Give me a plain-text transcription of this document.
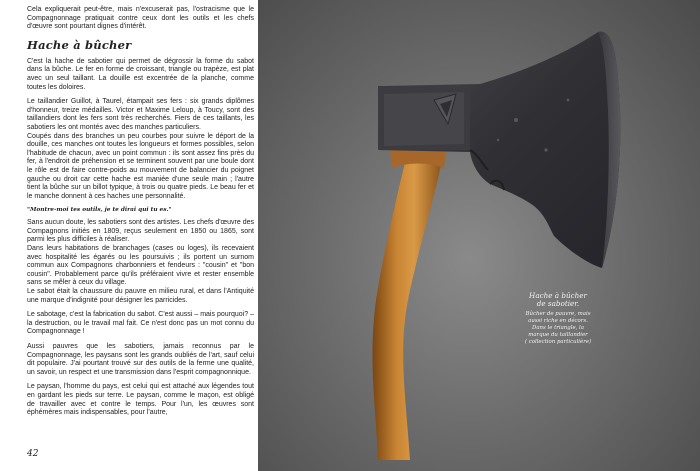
Cela expliquerait peut-être, mais n'excuserait pas, l'ostracisme que le Compagnonnage pratiquait contre ceux dont les outils et les chefs d'œuvre sont pourtant dignes d'intérêt.

Hache à bûcher

C'est la hache de sabotier qui permet de dégrossir la forme du sabot dans la bûche. Le fer en forme de croissant, triangle ou trapèze, est plat avec un seul taillant. La douille est excentrée de la planche, comme toutes les doloires.

Le taillandier Guillot, à Taurel, étampait ses fers : six grands diplômes d'honneur, treize médailles. Victor et Maxime Leloup, à Toucy, sont des taillandiers dont les fers sont très recherchés. Fiers de ces taillants, les sabotiers les ont montés avec des manches particuliers.

Coupés dans des branches un peu courbes pour suivre le déport de la douille, ces manches ont toutes les longueurs et formes possibles, selon l'habitude de chacun, avec un point commun : ils sont assez fins près du fer, à l'endroit de préhension et se terminent souvent par une boule dont le rôle est de faire contre-poids au mouvement de balancier du poignet gauche ou droit car cette hache est maniée d'une seule main ; l'autre tient la bûche sur un billot typique, à trois ou quatre pieds. Le beau fer et le manche donnent à ces haches une personnalité.

"Montre-moi tes outils, je te dirai qui tu es."

Sans aucun doute, les sabotiers sont des artistes. Les chefs d'œuvre des Compagnons initiés en 1809, reçus seulement en 1850 ou 1865, sont parmi les plus difficiles à réaliser.

Dans leurs habitations de branchages (cases ou loges), ils recevaient avec hospitalité les égarés ou les poursuivis ; ils portent un surnom commun aux Compagnons charbonniers et fendeurs : "cousin" et "bon cousin". Probablement parce qu'ils préféraient vivre et rester ensemble sans se mêler à ceux du village.

Le sabot était la chaussure du pauvre en milieu rural, et dans l'Antiquité une marque d'indignité pour désigner les parricides.

Le sabotage, c'est la fabrication du sabot. C'est aussi – mais pourquoi? – la destruction, ou le travail mal fait. Ce n'est donc pas un mot connu du Compagnonnage !

Aussi pauvres que les sabotiers, jamais reconnus par le Compagnonnage, les paysans sont les grands oubliés de l'art, sauf celui dit populaire. J'ai pourtant trouvé sur des outils de la ferme une qualité, un savoir, un respect et une transmission dans l'esprit compagnonnique.

Le paysan, l'homme du pays, est celui qui est attaché aux légendes tout en gardant les pieds sur terre. Le paysan, comme le maçon, est obligé de travailler avec et contre le temps. Pour l'un, les œuvres sont éphémères mais indispensables, pour l'autre,

42
Hache à bûcher
de sabotier.
Bûcher de pauvre, mais
aussi riche en décors.
Dans le triangle, la
marque du taillandier
( collection particulière)
